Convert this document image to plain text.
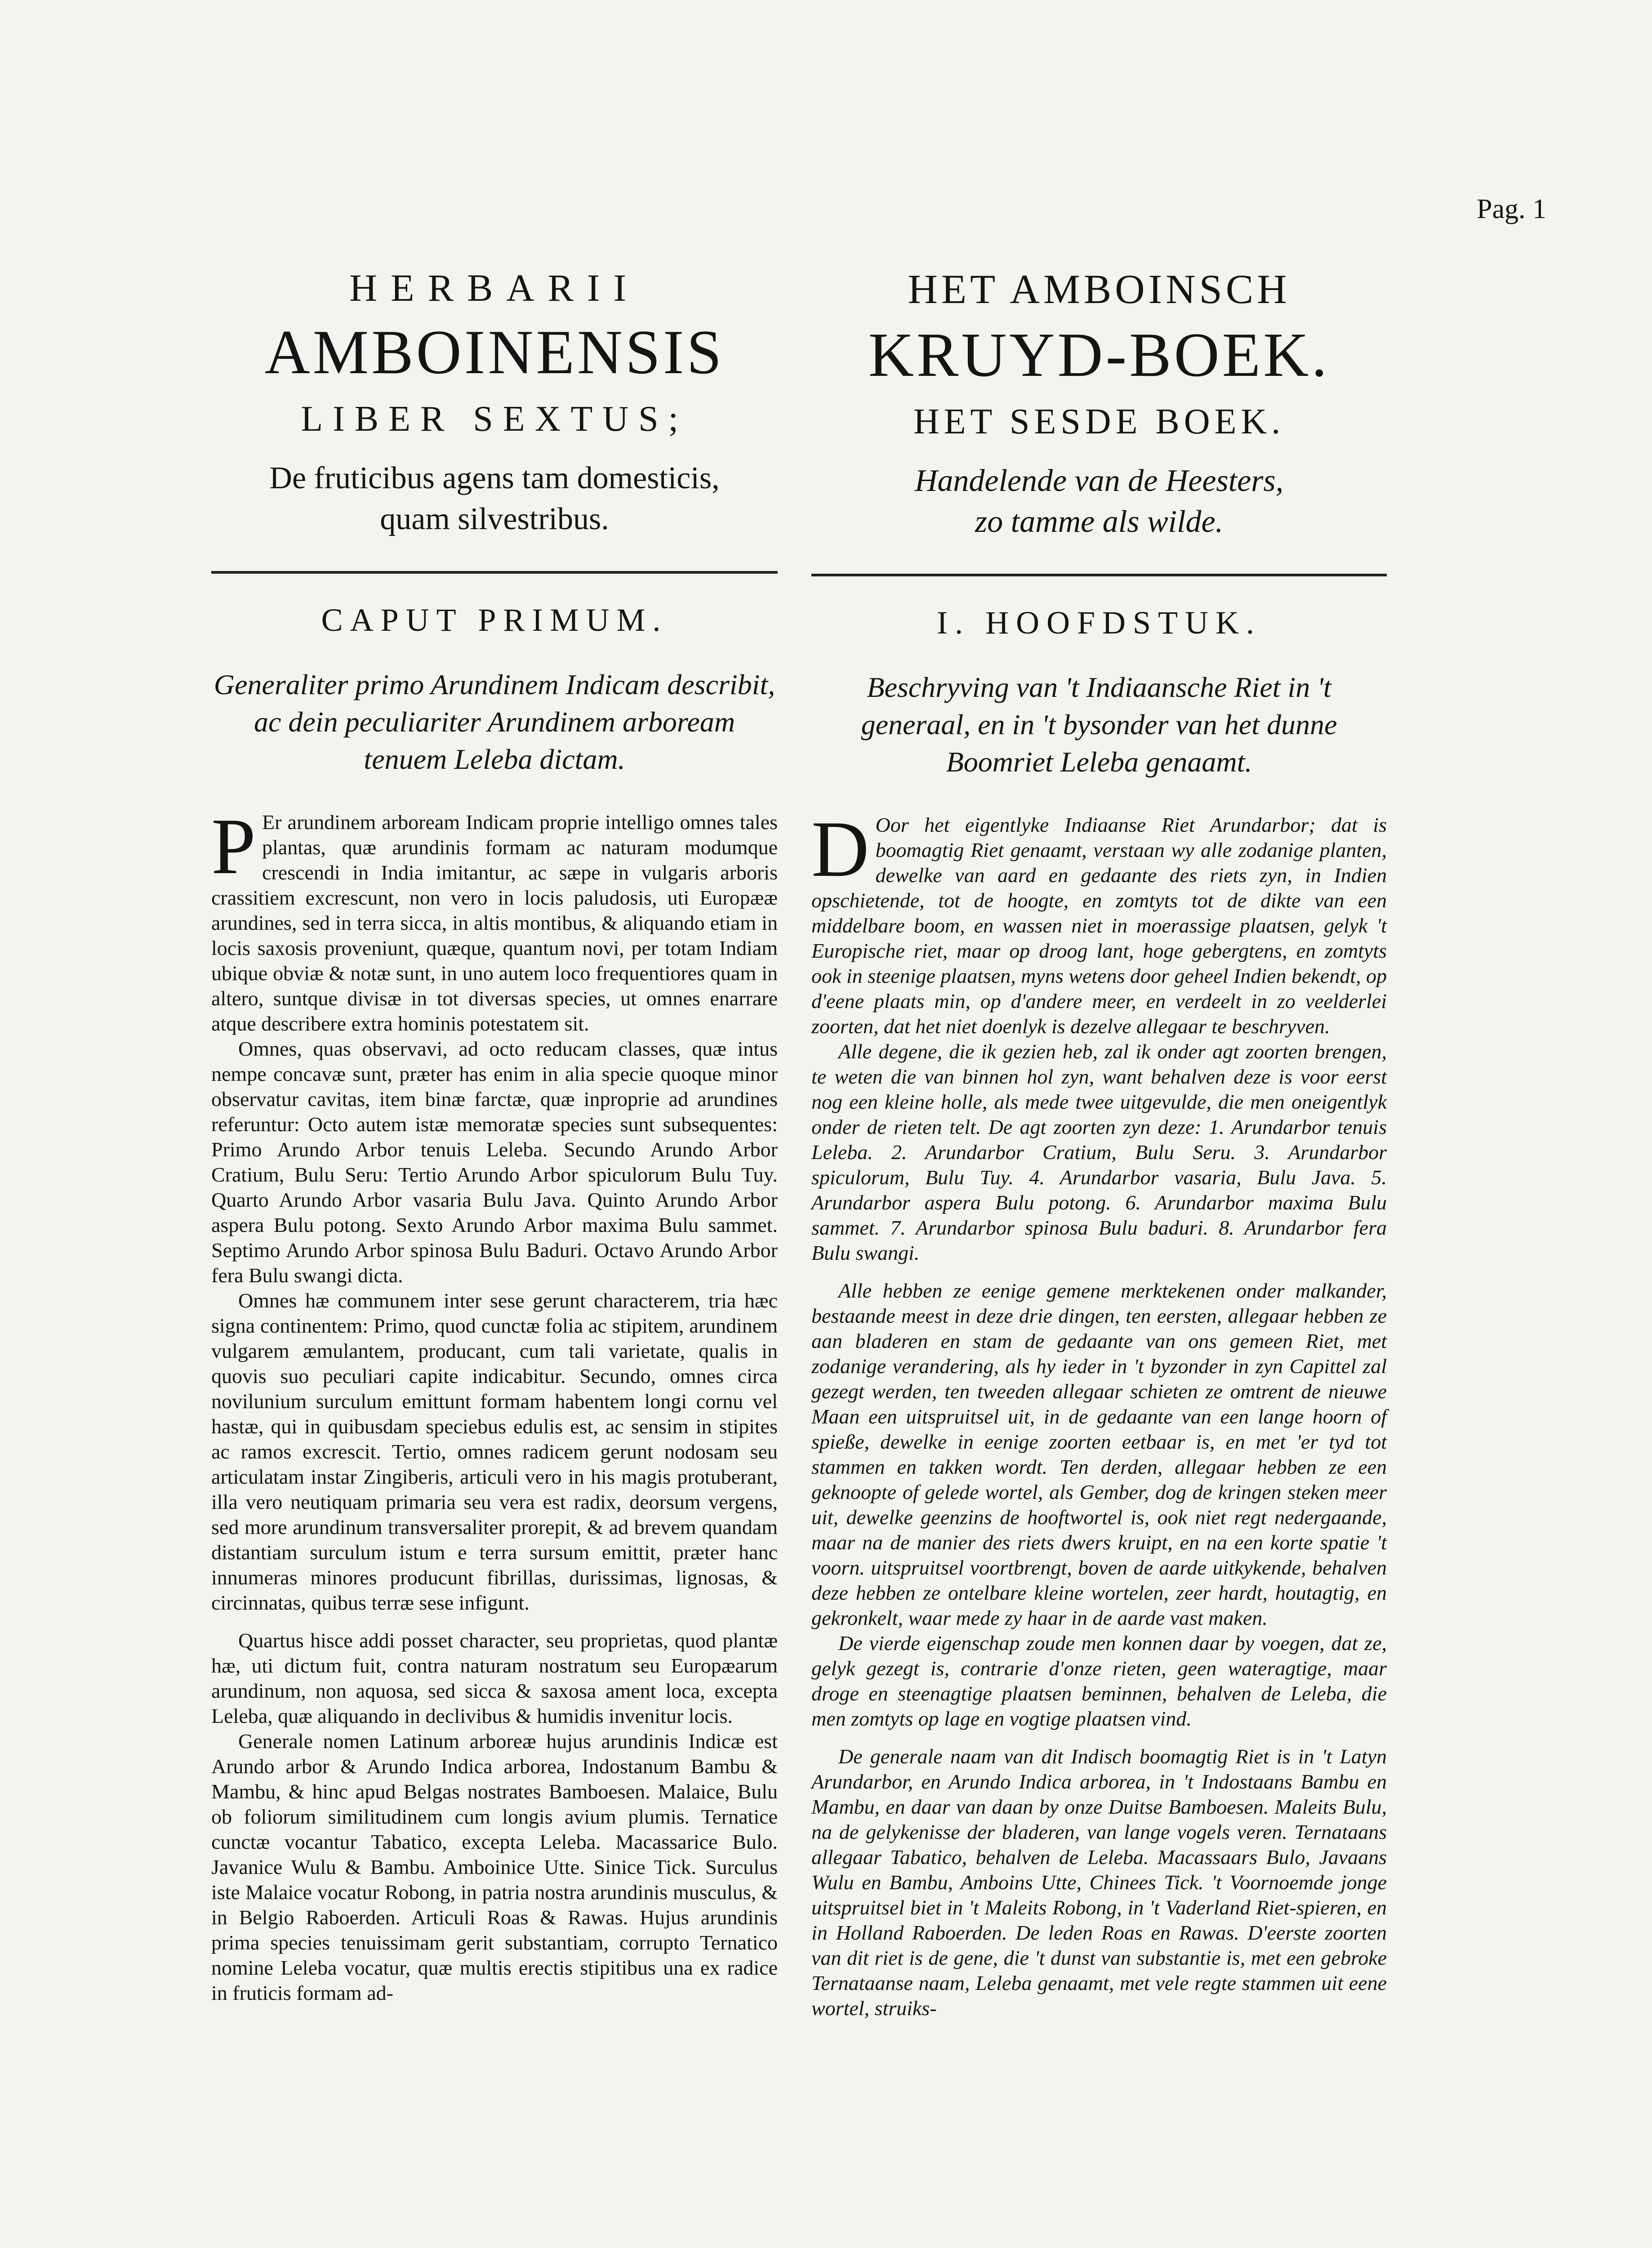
Pag. 1
HERBARII
AMBOINENSIS
LIBER SEXTUS;
De fruticibus agens tam domesticis,
quam silvestribus.
CAPUT PRIMUM.
Generaliter primo Arundinem Indicam describit, ac dein peculiariter Arundinem arboream tenuem Leleba dictam.

P Er arundinem arboream Indicam proprie intelligo omnes tales plantas, quæ arundinis formam ac naturam modumque crescendi in India imitantur, ac sæpe in vulgaris arboris crassitiem excrescunt, non vero in locis paludosis, uti Europææ arundines, sed in terra sicca, in altis montibus, & aliquando etiam in locis saxosis proveniunt, quæque, quantum novi, per totam Indiam ubique obviæ & notæ sunt, in uno autem loco frequentiores quam in altero, suntque divisæ in tot diversas species, ut omnes enarrare atque describere extra hominis potestatem sit.

Omnes, quas observavi, ad octo reducam classes, quæ intus nempe concavæ sunt, præter has enim in alia specie quoque minor observatur cavitas, item binæ farctæ, quæ inproprie ad arundines referuntur: Octo autem istæ memoratæ species sunt subsequentes: Primo Arundo Arbor tenuis Leleba. Secundo Arundo Arbor Cratium, Bulu Seru: Tertio Arundo Arbor spiculorum Bulu Tuy. Quarto Arundo Arbor vasaria Bulu Java. Quinto Arundo Arbor aspera Bulu potong. Sexto Arundo Arbor maxima Bulu sammet. Septimo Arundo Arbor spinosa Bulu Baduri. Octavo Arundo Arbor fera Bulu swangi dicta.

Omnes hæ communem inter sese gerunt characterem, tria hæc signa continentem: Primo, quod cunctæ folia ac stipitem, arundinem vulgarem æmulantem, producant, cum tali varietate, qualis in quovis suo peculiari capite indicabitur. Secundo, omnes circa novilunium surculum emittunt formam habentem longi cornu vel hastæ, qui in quibusdam speciebus edulis est, ac sensim in stipites ac ramos excrescit. Tertio, omnes radicem gerunt nodosam seu articulatam instar Zingiberis, articuli vero in his magis protuberant, illa vero neutiquam primaria seu vera est radix, deorsum vergens, sed more arundinum transversaliter prorepit, & ad brevem quandam distantiam surculum istum e terra sursum emittit, præter hanc innumeras minores producunt fibrillas, durissimas, lignosas, & circinnatas, quibus terræ sese infigunt.

Quartus hisce addi posset character, seu proprietas, quod plantæ hæ, uti dictum fuit, contra naturam nostratum seu Europæarum arundinum, non aquosa, sed sicca & saxosa ament loca, excepta Leleba, quæ aliquando in declivibus & humidis invenitur locis.

Generale nomen Latinum arboreæ hujus arundinis Indicæ est Arundo arbor & Arundo Indica arborea, Indostanum Bambu & Mambu, & hinc apud Belgas nostrates Bamboesen. Malaice, Bulu ob foliorum similitudinem cum longis avium plumis. Ternatice cunctæ vocantur Tabatico, excepta Leleba. Macassarice Bulo. Javanice Wulu & Bambu. Amboinice Utte. Sinice Tick. Surculus iste Malaice vocatur Robong, in patria nostra arundinis musculus, & in Belgio Raboerden. Articuli Roas & Rawas. Hujus arundinis prima species tenuissimam gerit substantiam, corrupto Ternatico nomine Leleba vocatur, quæ multis erectis stipitibus una ex radice in fruticis formam ad-

HET AMBOINSCH
KRUYD-BOEK.
HET SESDE BOEK.
Handelende van de Heesters,
zo tamme als wilde.
I. HOOFDSTUK.
Beschryving van 't Indiaansche Riet in 't generaal, en in 't bysonder van het dunne Boomriet Leleba genaamt.

D Oor het eigentlyke Indiaanse Riet Arundarbor; dat is boomagtig Riet genaamt, verstaan wy alle zodanige planten, dewelke van aard en gedaante des riets zyn, in Indien opschietende, tot de hoogte, en zomtyts tot de dikte van een middelbare boom, en wassen niet in moerassige plaatsen, gelyk 't Europische riet, maar op droog lant, hoge gebergtens, en zomtyts ook in steenige plaatsen, myns wetens door geheel Indien bekendt, op d'eene plaats min, op d'andere meer, en verdeelt in zo veelderlei zoorten, dat het niet doenlyk is dezelve allegaar te beschryven.

Alle degene, die ik gezien heb, zal ik onder agt zoorten brengen, te weten die van binnen hol zyn, want behalven deze is voor eerst nog een kleine holle, als mede twee uitgevulde, die men oneigentlyk onder de rieten telt. De agt zoorten zyn deze: 1. Arundarbor tenuis Leleba. 2. Arundarbor Cratium, Bulu Seru. 3. Arundarbor spiculorum, Bulu Tuy. 4. Arundarbor vasaria, Bulu Java. 5. Arundarbor aspera Bulu potong. 6. Arundarbor maxima Bulu sammet. 7. Arundarbor spinosa Bulu baduri. 8. Arundarbor fera Bulu swangi.

Alle hebben ze eenige gemene merktekenen onder malkander, bestaande meest in deze drie dingen, ten eersten, allegaar hebben ze aan bladeren en stam de gedaante van ons gemeen Riet, met zodanige verandering, als hy ieder in 't byzonder in zyn Capittel zal gezegt werden, ten tweeden allegaar schieten ze omtrent de nieuwe Maan een uitspruitsel uit, in de gedaante van een lange hoorn of spieße, dewelke in eenige zoorten eetbaar is, en met 'er tyd tot stammen en takken wordt. Ten derden, allegaar hebben ze een geknoopte of gelede wortel, als Gember, dog de kringen steken meer uit, dewelke geenzins de hooftwortel is, ook niet regt nedergaande, maar na de manier des riets dwers kruipt, en na een korte spatie 't voorn. uitspruitsel voortbrengt, boven de aarde uitkykende, behalven deze hebben ze ontelbare kleine wortelen, zeer hardt, houtagtig, en gekronkelt, waar mede zy haar in de aarde vast maken.

De vierde eigenschap zoude men konnen daar by voegen, dat ze, gelyk gezegt is, contrarie d'onze rieten, geen wateragtige, maar droge en steenagtige plaatsen beminnen, behalven de Leleba, die men zomtyts op lage en vogtige plaatsen vind.

De generale naam van dit Indisch boomagtig Riet is in 't Latyn Arundarbor, en Arundo Indica arborea, in 't Indostaans Bambu en Mambu, en daar van daan by onze Duitse Bamboesen. Maleits Bulu, na de gelykenisse der bladeren, van lange vogels veren. Ternataans allegaar Tabatico, behalven de Leleba. Macassaars Bulo, Javaans Wulu en Bambu, Amboins Utte, Chinees Tick. 't Voornoemde jonge uitspruitsel biet in 't Maleits Robong, in 't Vaderland Riet-spieren, en in Holland Raboerden. De leden Roas en Rawas. D'eerste zoorten van dit riet is de gene, die 't dunst van substantie is, met een gebroke Ternataanse naam, Leleba genaamt, met vele regte stammen uit eene wortel, struiks-
